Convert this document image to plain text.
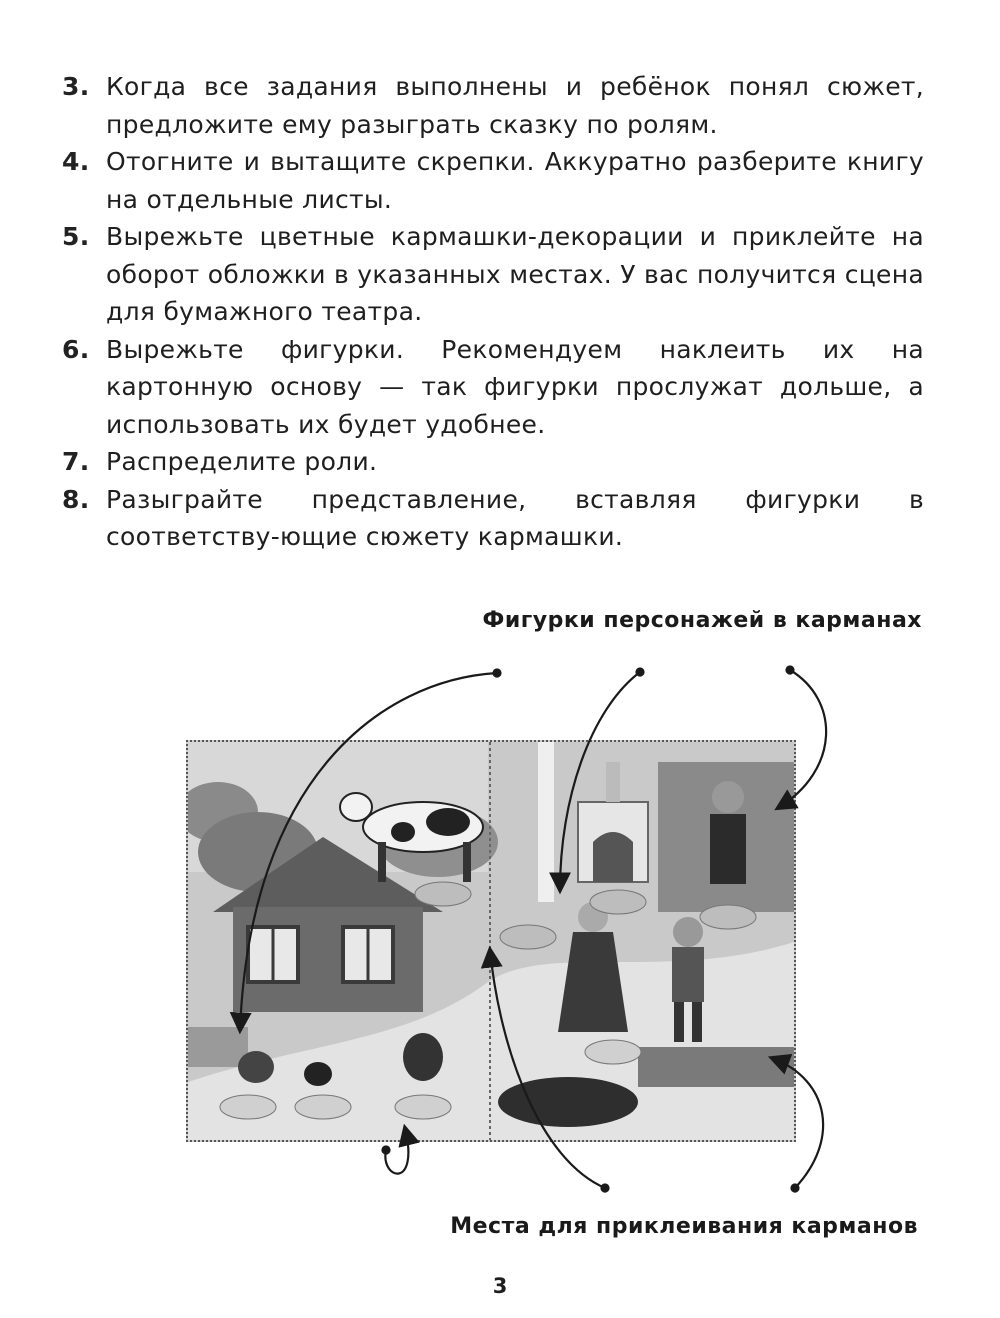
3. Когда все задания выполнены и ребёнок понял сюжет, предложите ему разыграть сказку по ролям.
4. Отогните и вытащите скрепки. Аккуратно разберите книгу на отдельные листы.
5. Вырежьте цветные кармашки-декорации и приклейте на оборот обложки в указанных местах. У вас получится сцена для бумажного театра.
6. Вырежьте фигурки. Рекомендуем наклеить их на картонную основу — так фигурки прослужат дольше, а использовать их будет удобнее.
7. Распределите роли.
8. Разыграйте представление, вставляя фигурки в соответству-ющие сюжету кармашки.
Фигурки персонажей в карманах
Места для приклеивания карманов
3
